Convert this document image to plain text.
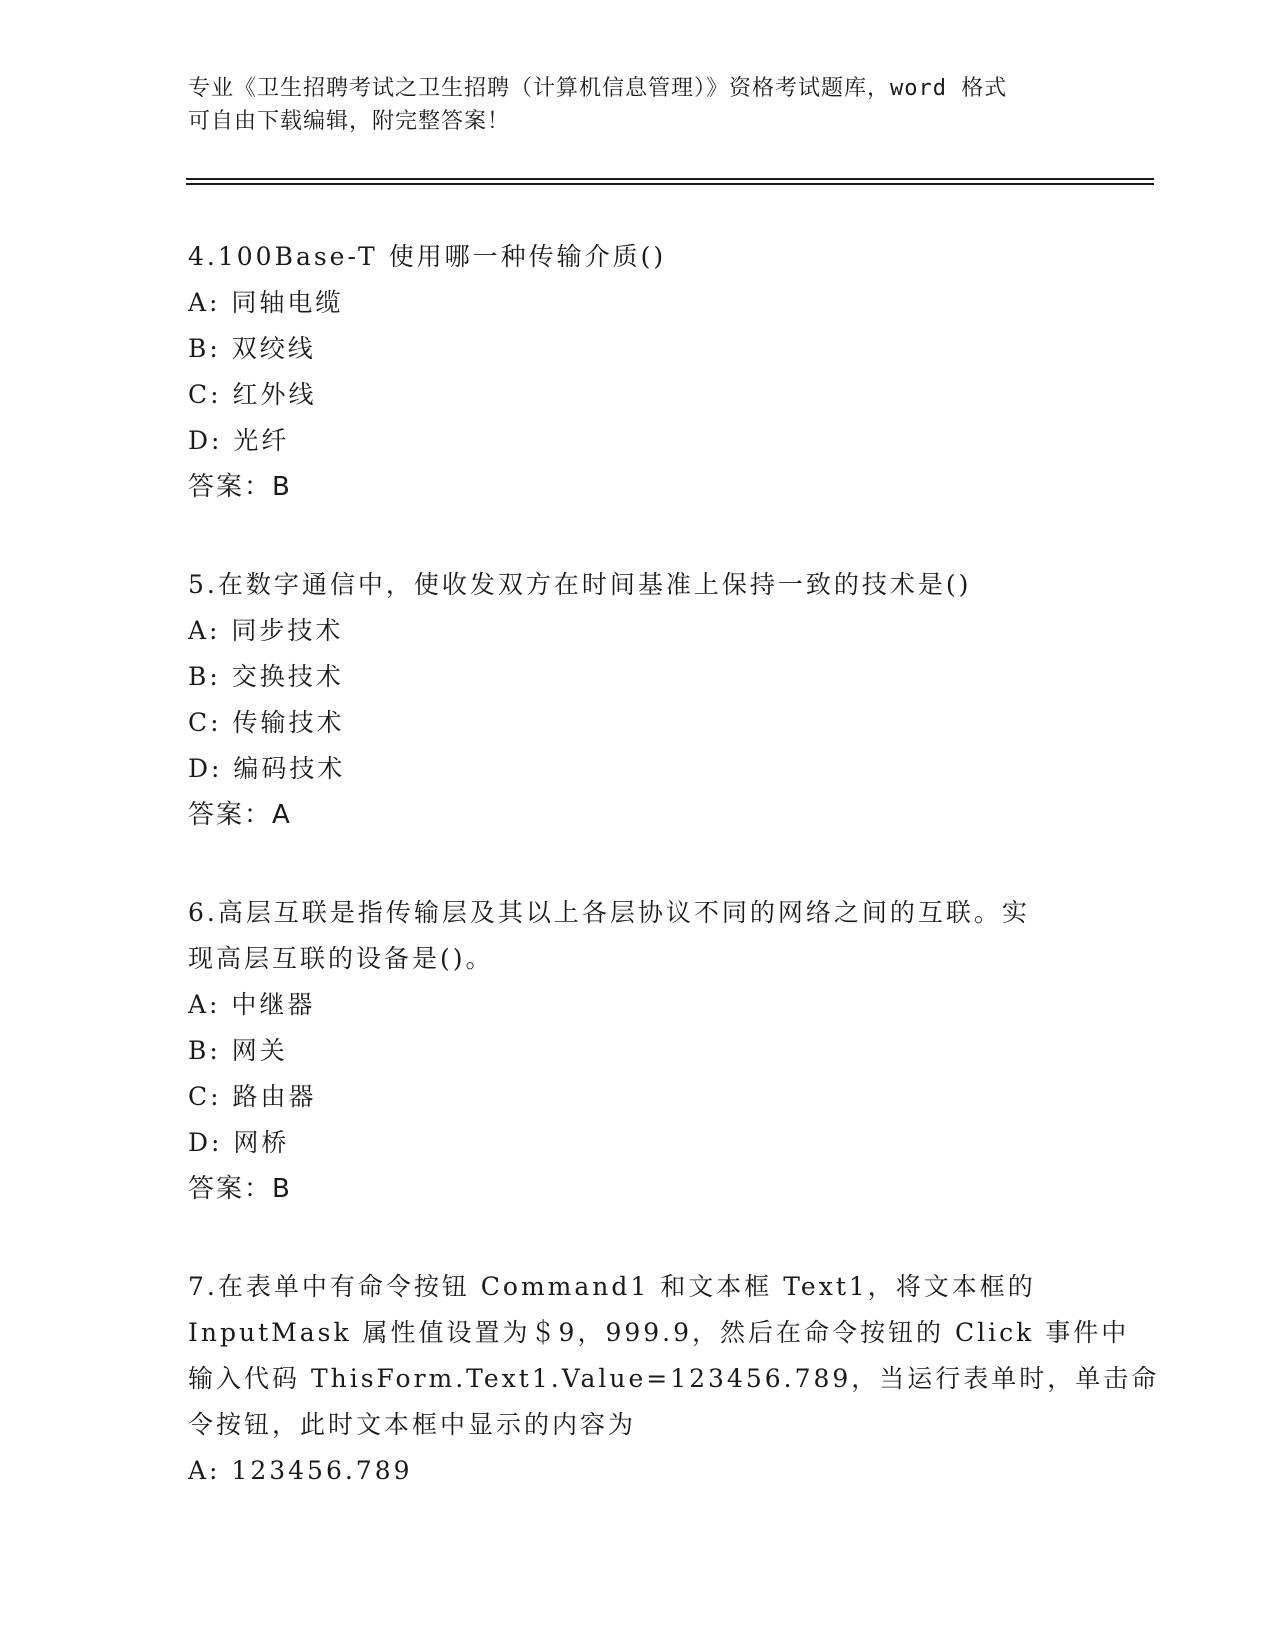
专业《卫生招聘考试之卫生招聘（计算机信息管理）》资格考试题库，word 格式
可自由下载编辑，附完整答案！
4.100Base-T 使用哪一种传输介质()
A: 同轴电缆
B: 双绞线
C: 红外线
D: 光纤
答案：B
5.在数字通信中，使收发双方在时间基准上保持一致的技术是()
A: 同步技术
B: 交换技术
C: 传输技术
D: 编码技术
答案：A
6.高层互联是指传输层及其以上各层协议不同的网络之间的互联。实
现高层互联的设备是()。
A: 中继器
B: 网关
C: 路由器
D: 网桥
答案：B
7.在表单中有命令按钮 Command1 和文本框 Text1，将文本框的
InputMask 属性值设置为＄9，999.9，然后在命令按钮的 Click 事件中
输入代码 ThisForm.Text1.Value=123456.789，当运行表单时，单击命
令按钮，此时文本框中显示的内容为
A: 123456.789
